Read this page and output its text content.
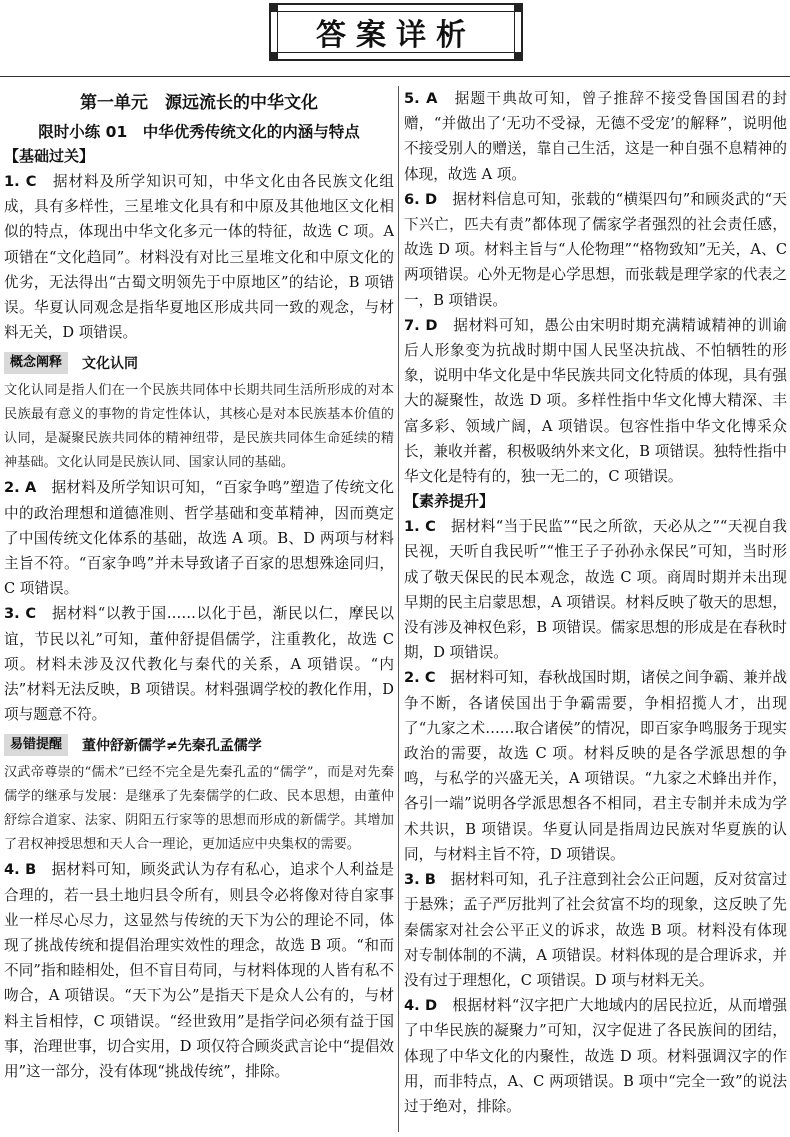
答案详析
第一单元　源远流长的中华文化
限时小练 01　中华优秀传统文化的内涵与特点
【基础过关】

1. C　据材料及所学知识可知，中华文化由各民族文化组成，具有多样性，三星堆文化具有和中原及其他地区文化相似的特点，体现出中华文化多元一体的特征，故选 C 项。A 项错在“文化趋同”。材料没有对比三星堆文化和中原文化的优劣，无法得出“古蜀文明领先于中原地区”的结论，B 项错误。华夏认同观念是指华夏地区形成共同一致的观念，与材料无关，D 项错误。

概念阐释	文化认同

文化认同是指人们在一个民族共同体中长期共同生活所形成的对本民族最有意义的事物的肯定性体认，其核心是对本民族基本价值的认同，是凝聚民族共同体的精神纽带，是民族共同体生命延续的精神基础。文化认同是民族认同、国家认同的基础。

2. A　据材料及所学知识可知，“百家争鸣”塑造了传统文化中的政治理想和道德准则、哲学基础和变革精神，因而奠定了中国传统文化体系的基础，故选 A 项。B、D 两项与材料主旨不符。“百家争鸣”并未导致诸子百家的思想殊途同归，C 项错误。

3. C　据材料“以教于国……以化于邑，渐民以仁，摩民以谊，节民以礼”可知，董仲舒提倡儒学，注重教化，故选 C 项。材料未涉及汉代教化与秦代的关系，A 项错误。“内法”材料无法反映，B 项错误。材料强调学校的教化作用，D 项与题意不符。

易错提醒	董仲舒新儒学≠先秦孔孟儒学

汉武帝尊崇的“儒术”已经不完全是先秦孔孟的“儒学”，而是对先秦儒学的继承与发展：是继承了先秦儒学的仁政、民本思想，由董仲舒综合道家、法家、阴阳五行家等的思想而形成的新儒学。其增加了君权神授思想和天人合一理论，更加适应中央集权的需要。

4. B　据材料可知，顾炎武认为存有私心，追求个人利益是合理的，若一县土地归县令所有，则县令必将像对待自家事业一样尽心尽力，这显然与传统的天下为公的理论不同，体现了挑战传统和提倡治理实效性的理念，故选 B 项。“和而不同”指和睦相处，但不盲目苟同，与材料体现的人皆有私不吻合，A 项错误。“天下为公”是指天下是众人公有的，与材料主旨相悖，C 项错误。“经世致用”是指学问必须有益于国事，治理世事，切合实用，D 项仅符合顾炎武言论中“提倡效用”这一部分，没有体现“挑战传统”，排除。

5. A　据题干典故可知，曾子推辞不接受鲁国国君的封赠，“并做出了‘无功不受禄，无德不受宠’的解释”，说明他不接受别人的赠送，靠自己生活，这是一种自强不息精神的体现，故选 A 项。

6. D　据材料信息可知，张载的“横渠四句”和顾炎武的“天下兴亡，匹夫有责”都体现了儒家学者强烈的社会责任感，故选 D 项。材料主旨与“人伦物理”“格物致知”无关，A、C 两项错误。心外无物是心学思想，而张载是理学家的代表之一，B 项错误。

7. D　据材料可知，愚公由宋明时期充满精诚精神的训谕后人形象变为抗战时期中国人民坚决抗战、不怕牺牲的形象，说明中华文化是中华民族共同文化特质的体现，具有强大的凝聚性，故选 D 项。多样性指中华文化博大精深、丰富多彩、领域广阔，A 项错误。包容性指中华文化博采众长，兼收并蓄，积极吸纳外来文化，B 项错误。独特性指中华文化是特有的，独一无二的，C 项错误。

【素养提升】

1. C　据材料“当于民监”“民之所欲，天必从之”“天视自我民视，天听自我民听”“惟王子子孙孙永保民”可知，当时形成了敬天保民的民本观念，故选 C 项。商周时期并未出现早期的民主启蒙思想，A 项错误。材料反映了敬天的思想，没有涉及神权色彩，B 项错误。儒家思想的形成是在春秋时期，D 项错误。

2. C　据材料可知，春秋战国时期，诸侯之间争霸、兼并战争不断，各诸侯国出于争霸需要，争相招揽人才，出现了“九家之术……取合诸侯”的情况，即百家争鸣服务于现实政治的需要，故选 C 项。材料反映的是各学派思想的争鸣，与私学的兴盛无关，A 项错误。“九家之术蜂出并作，各引一端”说明各学派思想各不相同，君主专制并未成为学术共识，B 项错误。华夏认同是指周边民族对华夏族的认同，与材料主旨不符，D 项错误。

3. B　据材料可知，孔子注意到社会公正问题，反对贫富过于悬殊；孟子严厉批判了社会贫富不均的现象，这反映了先秦儒家对社会公平正义的诉求，故选 B 项。材料没有体现对专制体制的不满，A 项错误。材料体现的是合理诉求，并没有过于理想化，C 项错误。D 项与材料无关。

4. D　根据材料“汉字把广大地域内的居民拉近，从而增强了中华民族的凝聚力”可知，汉字促进了各民族间的团结，体现了中华文化的内聚性，故选 D 项。材料强调汉字的作用，而非特点，A、C 两项错误。B 项中“完全一致”的说法过于绝对，排除。
